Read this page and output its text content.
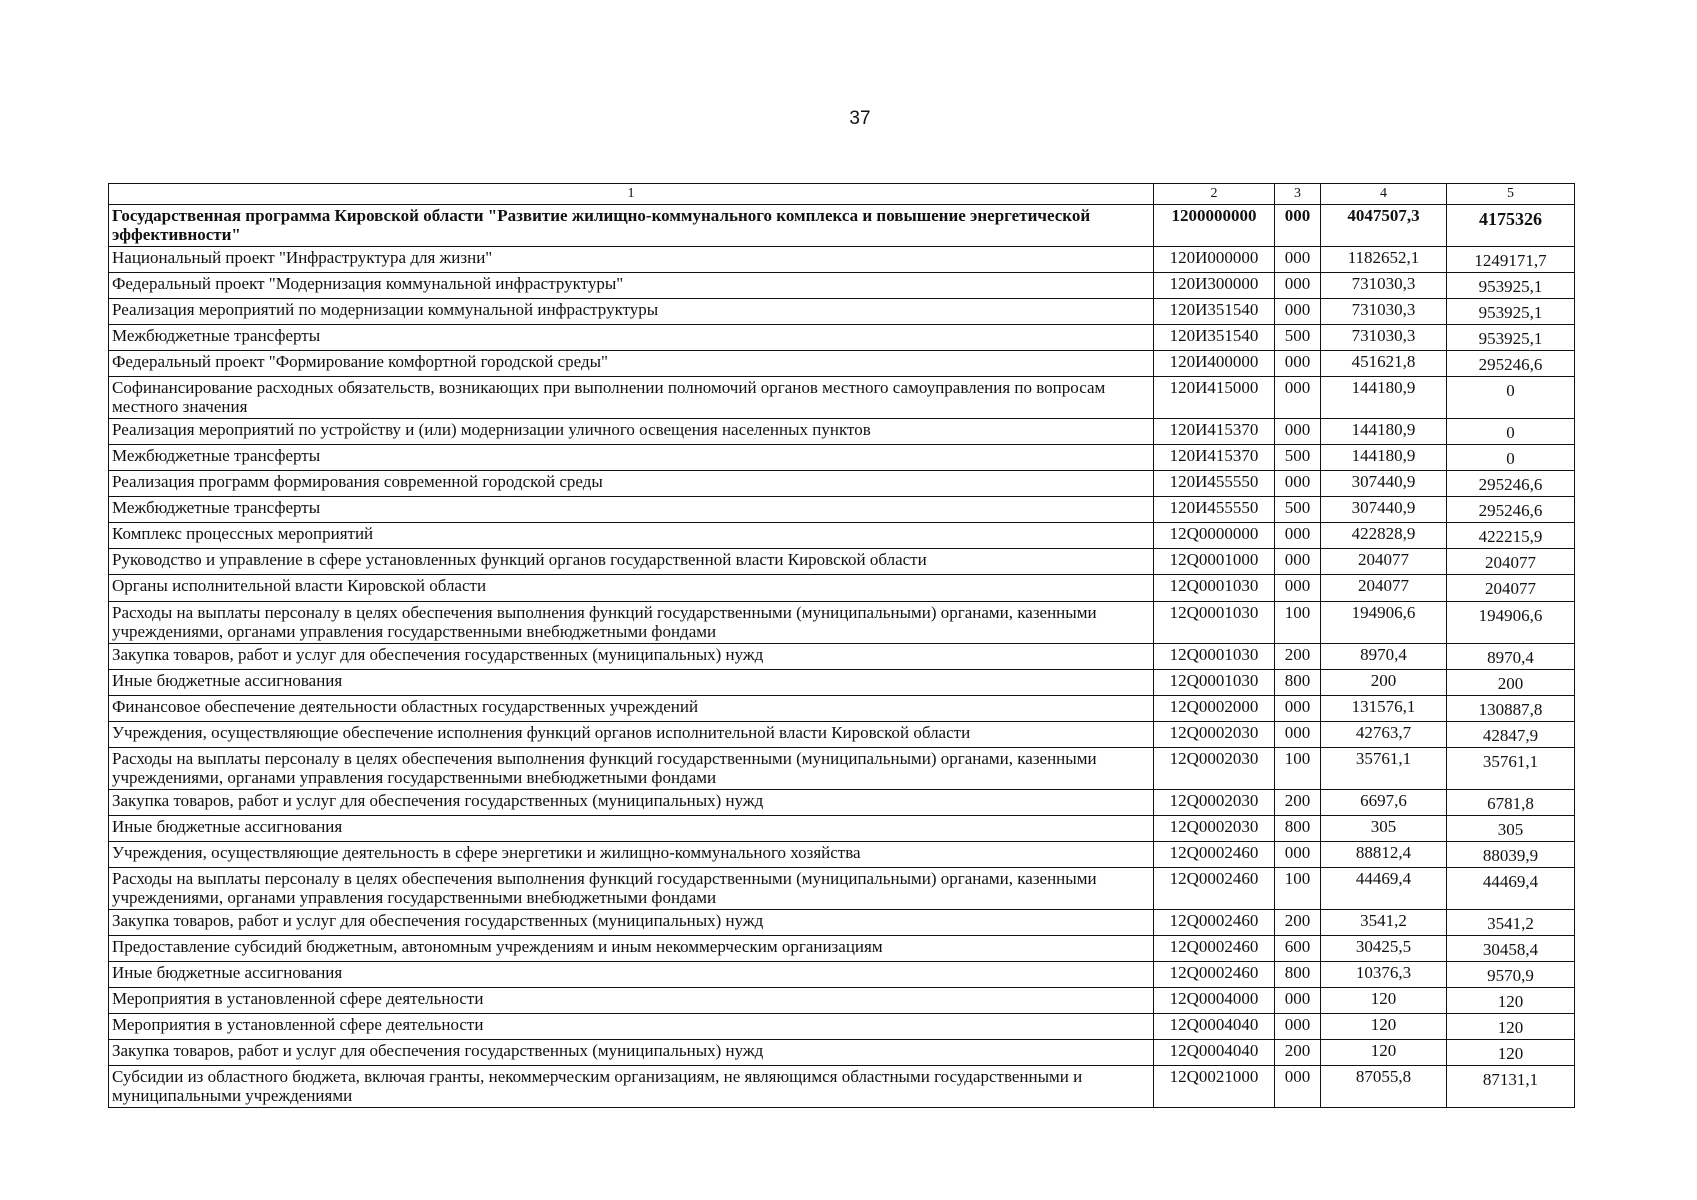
37
1	2	3	4	5
Государственная программа Кировской области "Развитие жилищно-коммунального комплекса и повышение энергетической эффективности"	1200000000	000	4047507,3	4175326
Национальный проект "Инфраструктура для жизни"	120И000000	000	1182652,1	1249171,7
Федеральный проект "Модернизация коммунальной инфраструктуры"	120И300000	000	731030,3	953925,1
Реализация мероприятий по модернизации коммунальной инфраструктуры	120И351540	000	731030,3	953925,1
Межбюджетные трансферты	120И351540	500	731030,3	953925,1
Федеральный проект "Формирование комфортной городской среды"	120И400000	000	451621,8	295246,6
Софинансирование расходных обязательств, возникающих при выполнении полномочий органов местного самоуправления по вопросам местного значения	120И415000	000	144180,9	0
Реализация мероприятий по устройству и (или) модернизации уличного освещения населенных пунктов	120И415370	000	144180,9	0
Межбюджетные трансферты	120И415370	500	144180,9	0
Реализация программ формирования современной городской среды	120И455550	000	307440,9	295246,6
Межбюджетные трансферты	120И455550	500	307440,9	295246,6
Комплекс процессных мероприятий	12Q0000000	000	422828,9	422215,9
Руководство и управление в сфере установленных функций органов государственной власти Кировской области	12Q0001000	000	204077	204077
Органы исполнительной власти Кировской области	12Q0001030	000	204077	204077
Расходы на выплаты персоналу в целях обеспечения выполнения функций государственными (муниципальными) органами, казенными учреждениями, органами управления государственными внебюджетными фондами	12Q0001030	100	194906,6	194906,6
Закупка товаров, работ и услуг для обеспечения государственных (муниципальных) нужд	12Q0001030	200	8970,4	8970,4
Иные бюджетные ассигнования	12Q0001030	800	200	200
Финансовое обеспечение деятельности областных государственных учреждений	12Q0002000	000	131576,1	130887,8
Учреждения, осуществляющие обеспечение исполнения функций органов исполнительной власти Кировской области	12Q0002030	000	42763,7	42847,9
Расходы на выплаты персоналу в целях обеспечения выполнения функций государственными (муниципальными) органами, казенными учреждениями, органами управления государственными внебюджетными фондами	12Q0002030	100	35761,1	35761,1
Закупка товаров, работ и услуг для обеспечения государственных (муниципальных) нужд	12Q0002030	200	6697,6	6781,8
Иные бюджетные ассигнования	12Q0002030	800	305	305
Учреждения, осуществляющие деятельность в сфере энергетики и жилищно-коммунального хозяйства	12Q0002460	000	88812,4	88039,9
Расходы на выплаты персоналу в целях обеспечения выполнения функций государственными (муниципальными) органами, казенными учреждениями, органами управления государственными внебюджетными фондами	12Q0002460	100	44469,4	44469,4
Закупка товаров, работ и услуг для обеспечения государственных (муниципальных) нужд	12Q0002460	200	3541,2	3541,2
Предоставление субсидий бюджетным, автономным учреждениям и иным некоммерческим организациям	12Q0002460	600	30425,5	30458,4
Иные бюджетные ассигнования	12Q0002460	800	10376,3	9570,9
Мероприятия в установленной сфере деятельности	12Q0004000	000	120	120
Мероприятия в установленной сфере деятельности	12Q0004040	000	120	120
Закупка товаров, работ и услуг для обеспечения государственных (муниципальных) нужд	12Q0004040	200	120	120
Субсидии из областного бюджета, включая гранты, некоммерческим организациям, не являющимся областными государственными и муниципальными учреждениями	12Q0021000	000	87055,8	87131,1
